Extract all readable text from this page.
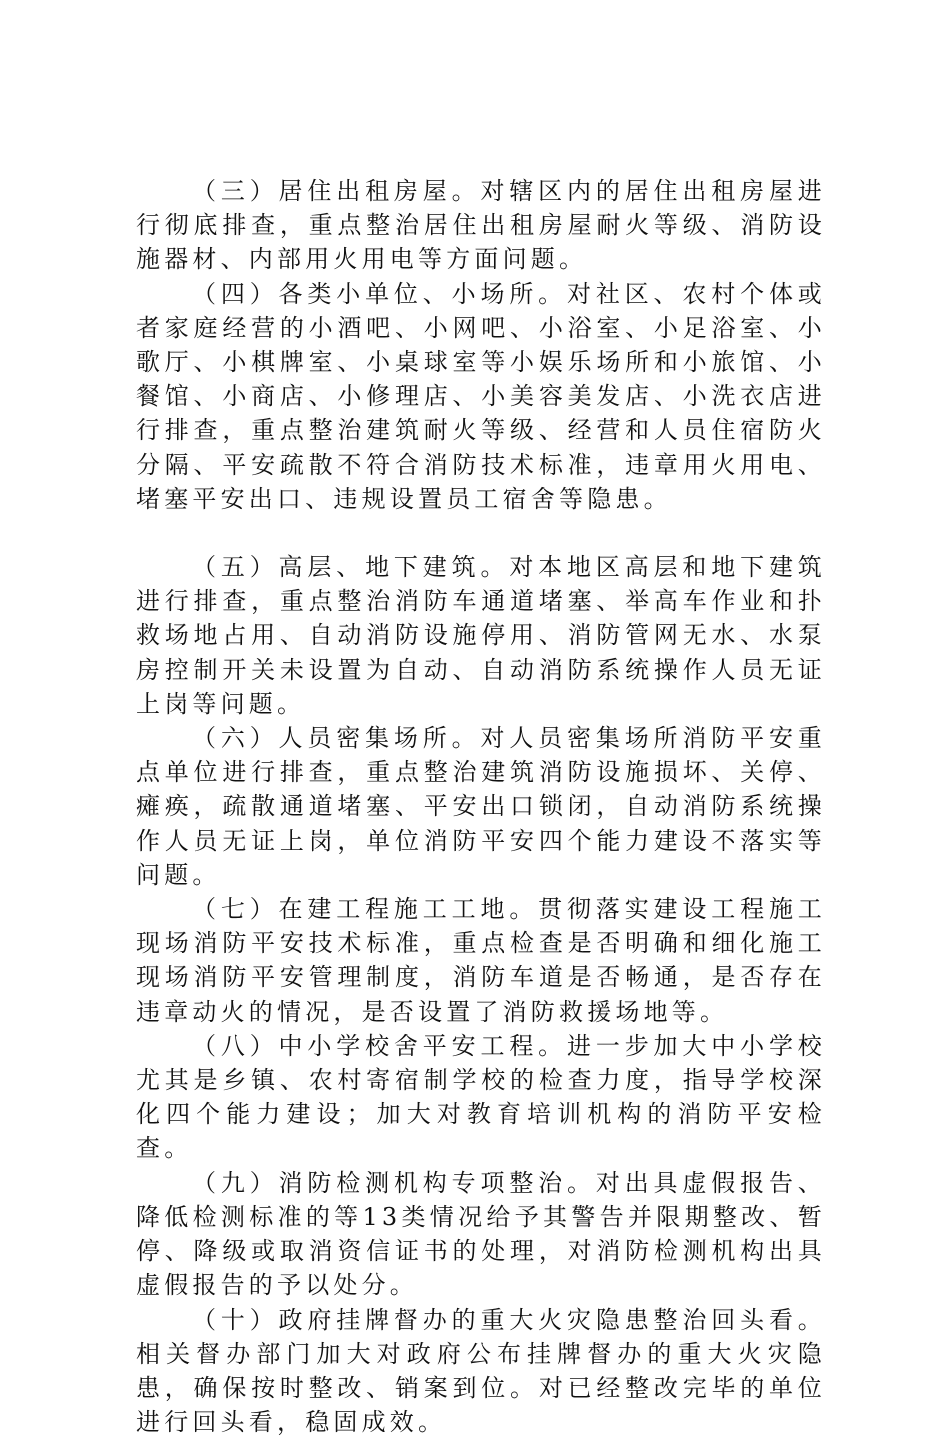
（三）居住出租房屋。对辖区内的居住出租房屋进行彻底排查，重点整治居住出租房屋耐火等级、消防设施器材、内部用火用电等方面问题。

（四）各类小单位、小场所。对社区、农村个体或者家庭经营的小酒吧、小网吧、小浴室、小足浴室、小歌厅、小棋牌室、小桌球室等小娱乐场所和小旅馆、小餐馆、小商店、小修理店、小美容美发店、小洗衣店进行排查，重点整治建筑耐火等级、经营和人员住宿防火分隔、平安疏散不符合消防技术标准，违章用火用电、堵塞平安出口、违规设置员工宿舍等隐患。

（五）高层、地下建筑。对本地区高层和地下建筑进行排查，重点整治消防车通道堵塞、举高车作业和扑救场地占用、自动消防设施停用、消防管网无水、水泵房控制开关未设置为自动、自动消防系统操作人员无证上岗等问题。

（六）人员密集场所。对人员密集场所消防平安重点单位进行排查，重点整治建筑消防设施损坏、关停、瘫痪，疏散通道堵塞、平安出口锁闭，自动消防系统操作人员无证上岗，单位消防平安四个能力建设不落实等问题。

（七）在建工程施工工地。贯彻落实建设工程施工现场消防平安技术标准，重点检查是否明确和细化施工现场消防平安管理制度，消防车道是否畅通，是否存在违章动火的情况，是否设置了消防救援场地等。

（八）中小学校舍平安工程。进一步加大中小学校尤其是乡镇、农村寄宿制学校的检查力度，指导学校深化四个能力建设；加大对教育培训机构的消防平安检查。

（九）消防检测机构专项整治。对出具虚假报告、降低检测标准的等13类情况给予其警告并限期整改、暂停、降级或取消资信证书的处理，对消防检测机构出具虚假报告的予以处分。

（十）政府挂牌督办的重大火灾隐患整治回头看。相关督办部门加大对政府公布挂牌督办的重大火灾隐患，确保按时整改、销案到位。对已经整改完毕的单位进行回头看，稳固成效。
